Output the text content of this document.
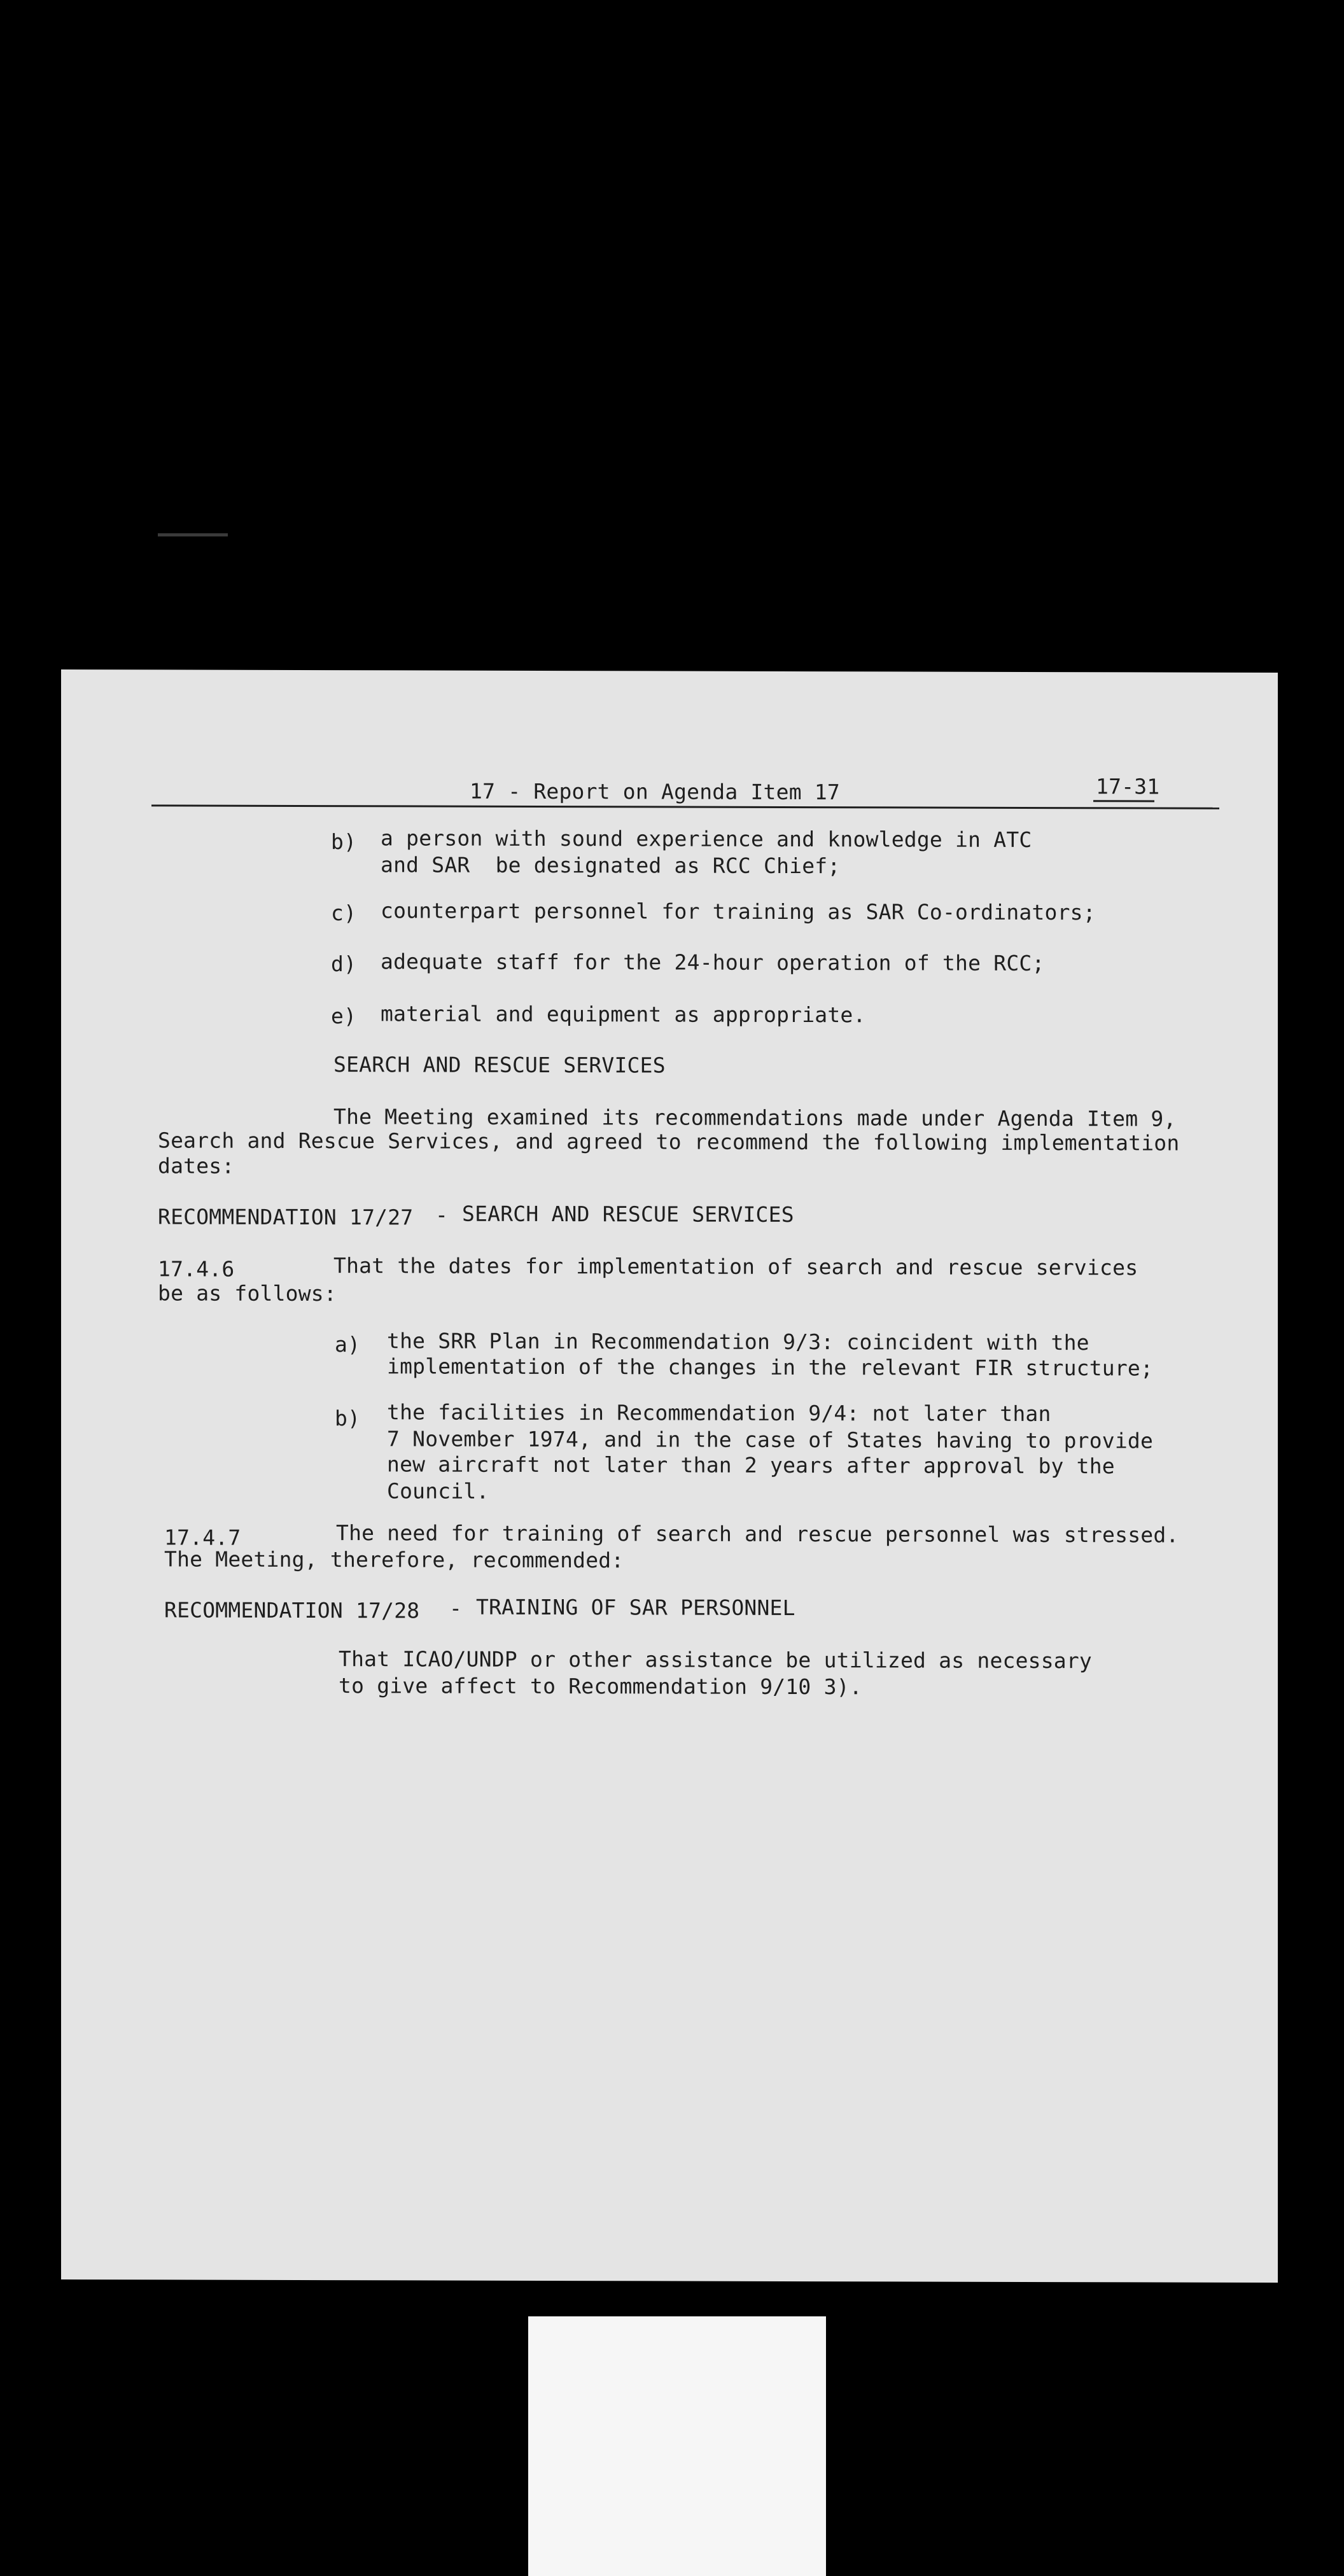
17 - Report on Agenda Item 17	17-31
b) a person with sound experience and knowledge in ATC
and SAR  be designated as RCC Chief;
c) counterpart personnel for training as SAR Co-ordinators;
d) adequate staff for the 24-hour operation of the RCC;
e) material and equipment as appropriate.
SEARCH AND RESCUE SERVICES
The Meeting examined its recommendations made under Agenda Item 9,
Search and Rescue Services, and agreed to recommend the following implementation
dates:
RECOMMENDATION 17/27 - SEARCH AND RESCUE SERVICES
17.4.6	That the dates for implementation of search and rescue services
be as follows:
a) the SRR Plan in Recommendation 9/3: coincident with the
implementation of the changes in the relevant FIR structure;
b) the facilities in Recommendation 9/4: not later than
7 November 1974, and in the case of States having to provide
new aircraft not later than 2 years after approval by the
Council.
17.4.7	The need for training of search and rescue personnel was stressed.
The Meeting, therefore, recommended:
RECOMMENDATION 17/28 - TRAINING OF SAR PERSONNEL
That ICAO/UNDP or other assistance be utilized as necessary
to give affect to Recommendation 9/10 3).
